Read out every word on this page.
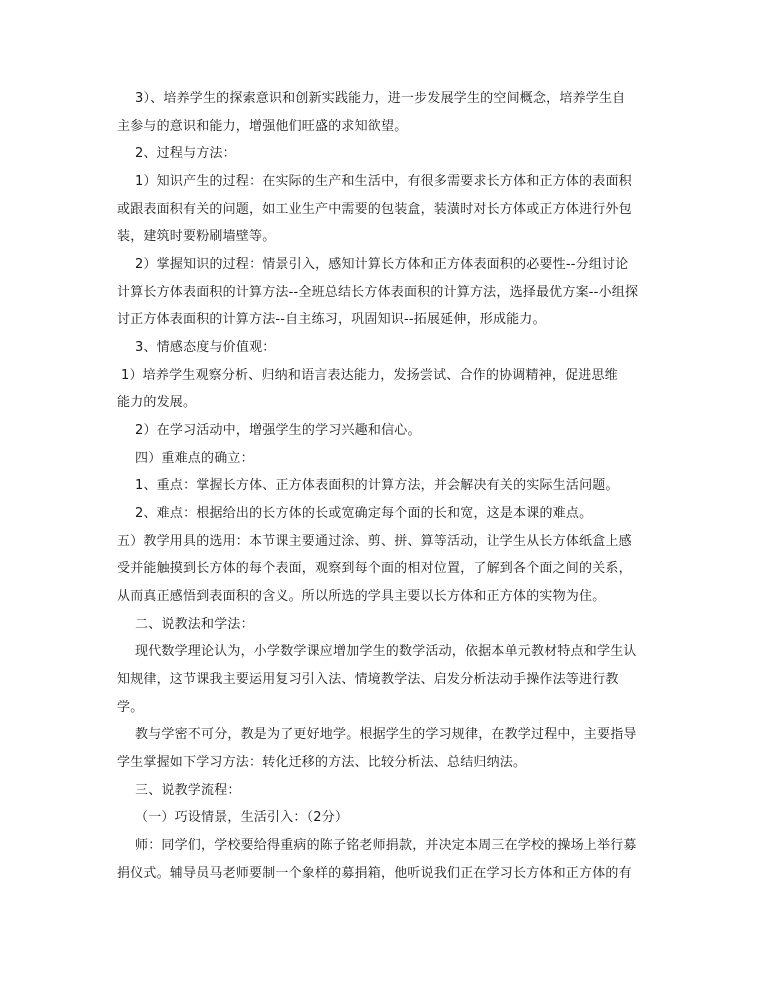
3）、培养学生的探索意识和创新实践能力，进一步发展学生的空间概念，培养学生自
主参与的意识和能力，增强他们旺盛的求知欲望。
2、过程与方法：
1）知识产生的过程：在实际的生产和生活中，有很多需要求长方体和正方体的表面积
或跟表面积有关的问题，如工业生产中需要的包装盒，装潢时对长方体或正方体进行外包
装，建筑时要粉刷墙壁等。
2）掌握知识的过程：情景引入，感知计算长方体和正方体表面积的必要性--分组讨论
计算长方体表面积的计算方法--全班总结长方体表面积的计算方法，选择最优方案--小组探
讨正方体表面积的计算方法--自主练习，巩固知识--拓展延伸，形成能力。
3、情感态度与价值观：
1）培养学生观察分析、归纳和语言表达能力，发扬尝试、合作的协调精神，促进思维
能力的发展。
2）在学习活动中，增强学生的学习兴趣和信心。
四）重难点的确立：
1、重点：掌握长方体、正方体表面积的计算方法，并会解决有关的实际生活问题。
2、难点：根据给出的长方体的长或宽确定每个面的长和宽，这是本课的难点。
五）教学用具的选用：本节课主要通过涂、剪、拼、算等活动，让学生从长方体纸盒上感
受并能触摸到长方体的每个表面，观察到每个面的相对位置，了解到各个面之间的关系，
从而真正感悟到表面积的含义。所以所选的学具主要以长方体和正方体的实物为住。
二、说教法和学法：
现代数学理论认为，小学数学课应增加学生的数学活动，依据本单元教材特点和学生认
知规律，这节课我主要运用复习引入法、情境教学法、启发分析法动手操作法等进行教
学。
教与学密不可分，教是为了更好地学。根据学生的学习规律，在教学过程中，主要指导
学生掌握如下学习方法：转化迁移的方法、比较分析法、总结归纳法。
三、说教学流程：
（一）巧设情景，生活引入：（2分）
师：同学们，学校要给得重病的陈子铭老师捐款，并决定本周三在学校的操场上举行募
捐仪式。辅导员马老师要制一个象样的募捐箱，他听说我们正在学习长方体和正方体的有
